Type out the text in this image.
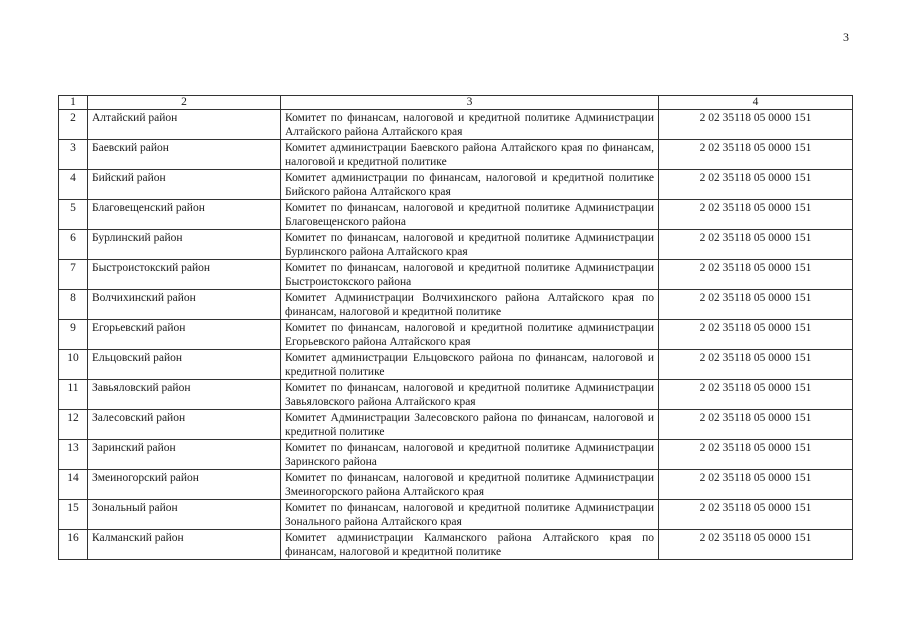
3
1	2	3	4
2	Алтайский район	Комитет по финансам, налоговой и кредитной политике Администрации Алтайского района Алтайского края	2 02 35118 05 0000 151
3	Баевский район	Комитет администрации Баевского района Алтайского края по финансам, налоговой и кредитной политике	2 02 35118 05 0000 151
4	Бийский район	Комитет администрации по финансам, налоговой и кредитной политике Бийского района Алтайского края	2 02 35118 05 0000 151
5	Благовещенский район	Комитет по финансам, налоговой и кредитной политике Администрации Благовещенского района	2 02 35118 05 0000 151
6	Бурлинский район	Комитет по финансам, налоговой и кредитной политике Администрации Бурлинского района Алтайского края	2 02 35118 05 0000 151
7	Быстроистокский район	Комитет по финансам, налоговой и кредитной политике Администрации Быстроистокского района	2 02 35118 05 0000 151
8	Волчихинский район	Комитет Администрации Волчихинского района Алтайского края по финансам, налоговой и кредитной политике	2 02 35118 05 0000 151
9	Егорьевский район	Комитет по финансам, налоговой и кредитной политике администрации Егорьевского района Алтайского края	2 02 35118 05 0000 151
10	Ельцовский район	Комитет администрации Ельцовского района по финансам, налоговой и кредитной политике	2 02 35118 05 0000 151
11	Завьяловский район	Комитет по финансам, налоговой и кредитной политике Администрации Завьяловского района Алтайского края	2 02 35118 05 0000 151
12	Залесовский район	Комитет Администрации Залесовского района по финансам, налоговой и кредитной политике	2 02 35118 05 0000 151
13	Заринский район	Комитет по финансам, налоговой и кредитной политике Администрации Заринского района	2 02 35118 05 0000 151
14	Змеиногорский район	Комитет по финансам, налоговой и кредитной политике Администрации Змеиногорского района Алтайского края	2 02 35118 05 0000 151
15	Зональный район	Комитет по финансам, налоговой и кредитной политике Администрации Зонального района Алтайского края	2 02 35118 05 0000 151
16	Калманский район	Комитет администрации Калманского района Алтайского края по финансам, налоговой и кредитной политике	2 02 35118 05 0000 151
